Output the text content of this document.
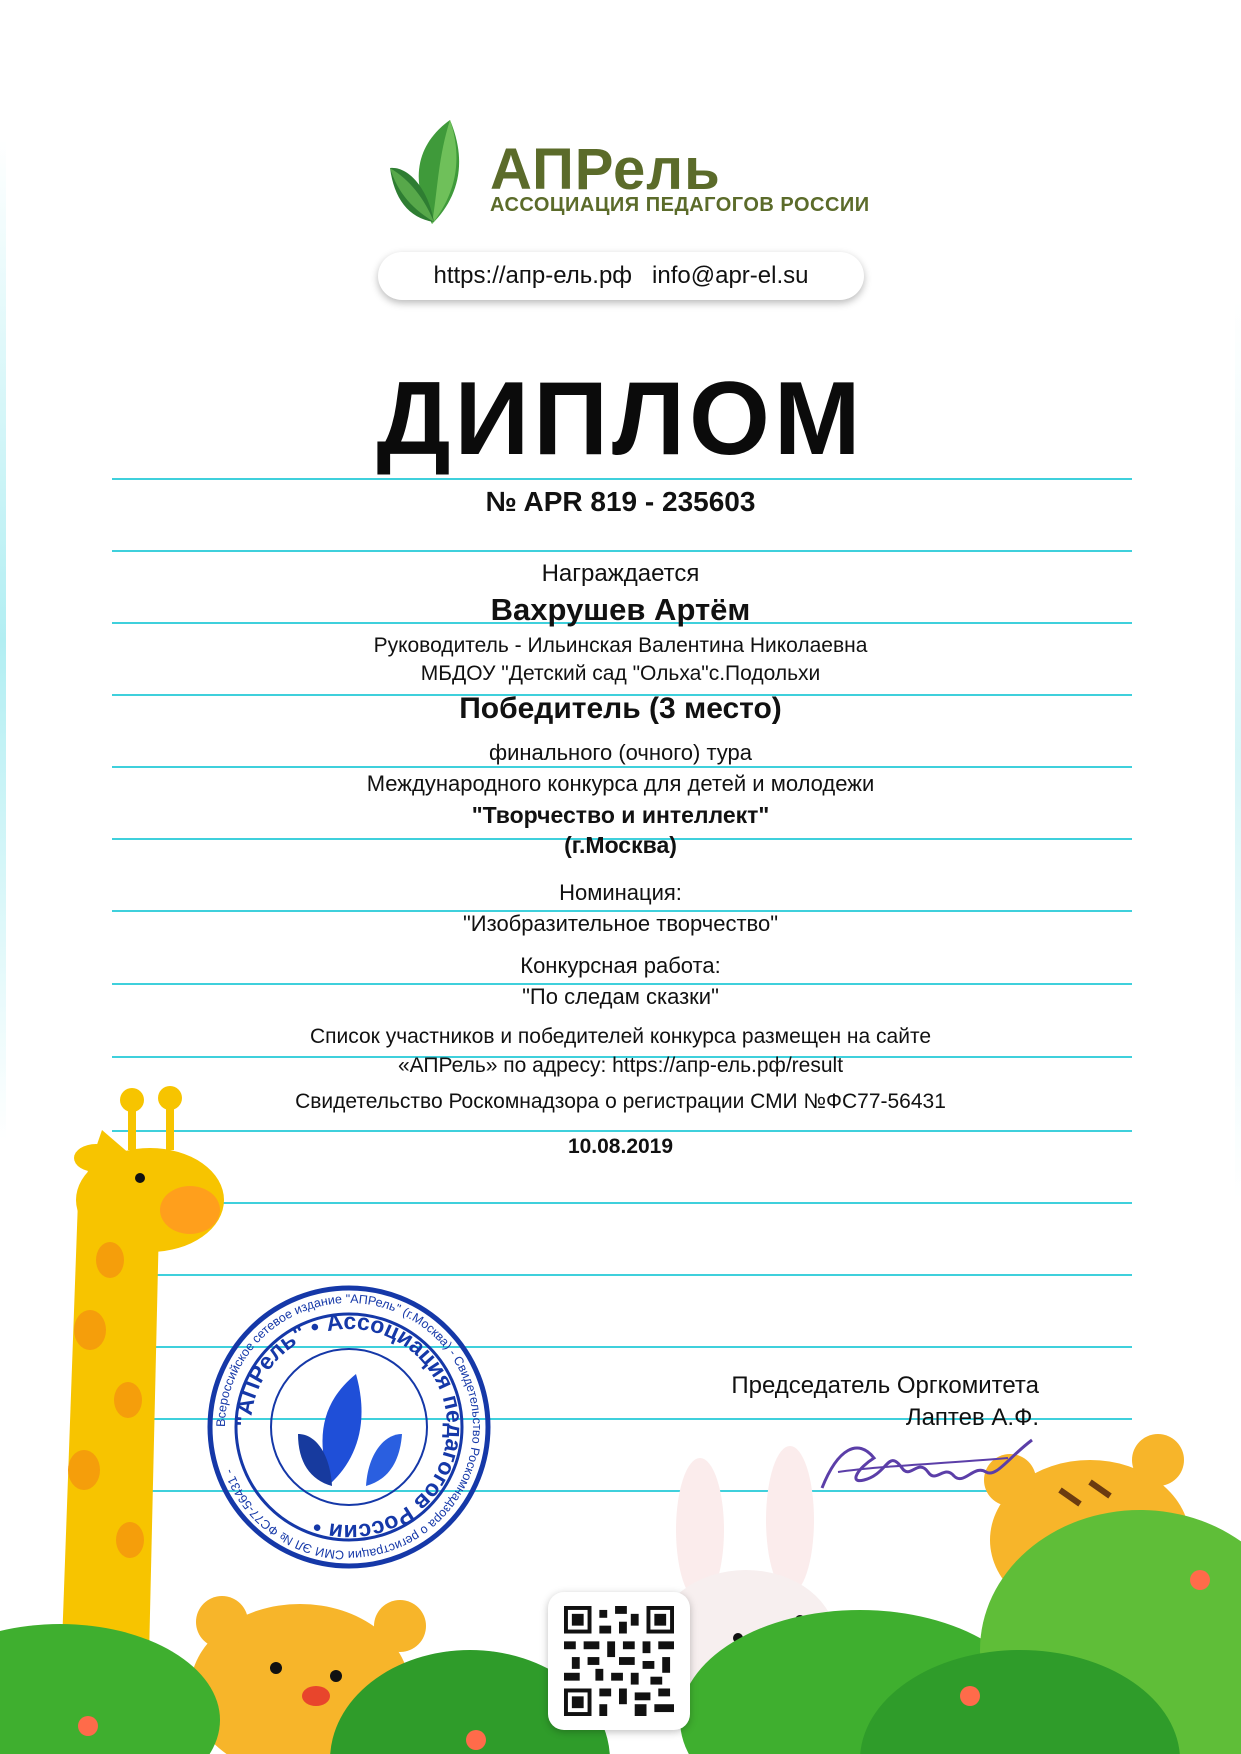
АПРель
АССОЦИАЦИЯ ПЕДАГОГОВ РОССИИ
https://апр-ель.рф info@apr-el.su
ДИПЛОМ
№ APR 819 - 235603
Награждается
Вахрушев Артём
Руководитель - Ильинская Валентина Николаевна
МБДОУ "Детский сад "Ольха"с.Подольхи
Победитель (3 место)
финального (очного) тура
Международного конкурса для детей и молодежи
"Творчество и интеллект"
(г.Москва)
Номинация:
"Изобразительное творчество"
Конкурсная работа:
"По следам сказки"
Список участников и победителей конкурса размещен на сайте
«АПРель» по адресу: https://апр-ель.рф/result
Свидетельство Роскомнадзора о регистрации СМИ №ФС77-56431
10.08.2019
Всероссийское сетевое издание "АПРель" (г.Москва) - Свидетельство Роскомнадзора о регистрации СМИ ЭЛ № ФС77-56431 -
"АПРель" • Ассоциация педагогов России •
Председатель Оргкомитета
Лаптев А.Ф.
